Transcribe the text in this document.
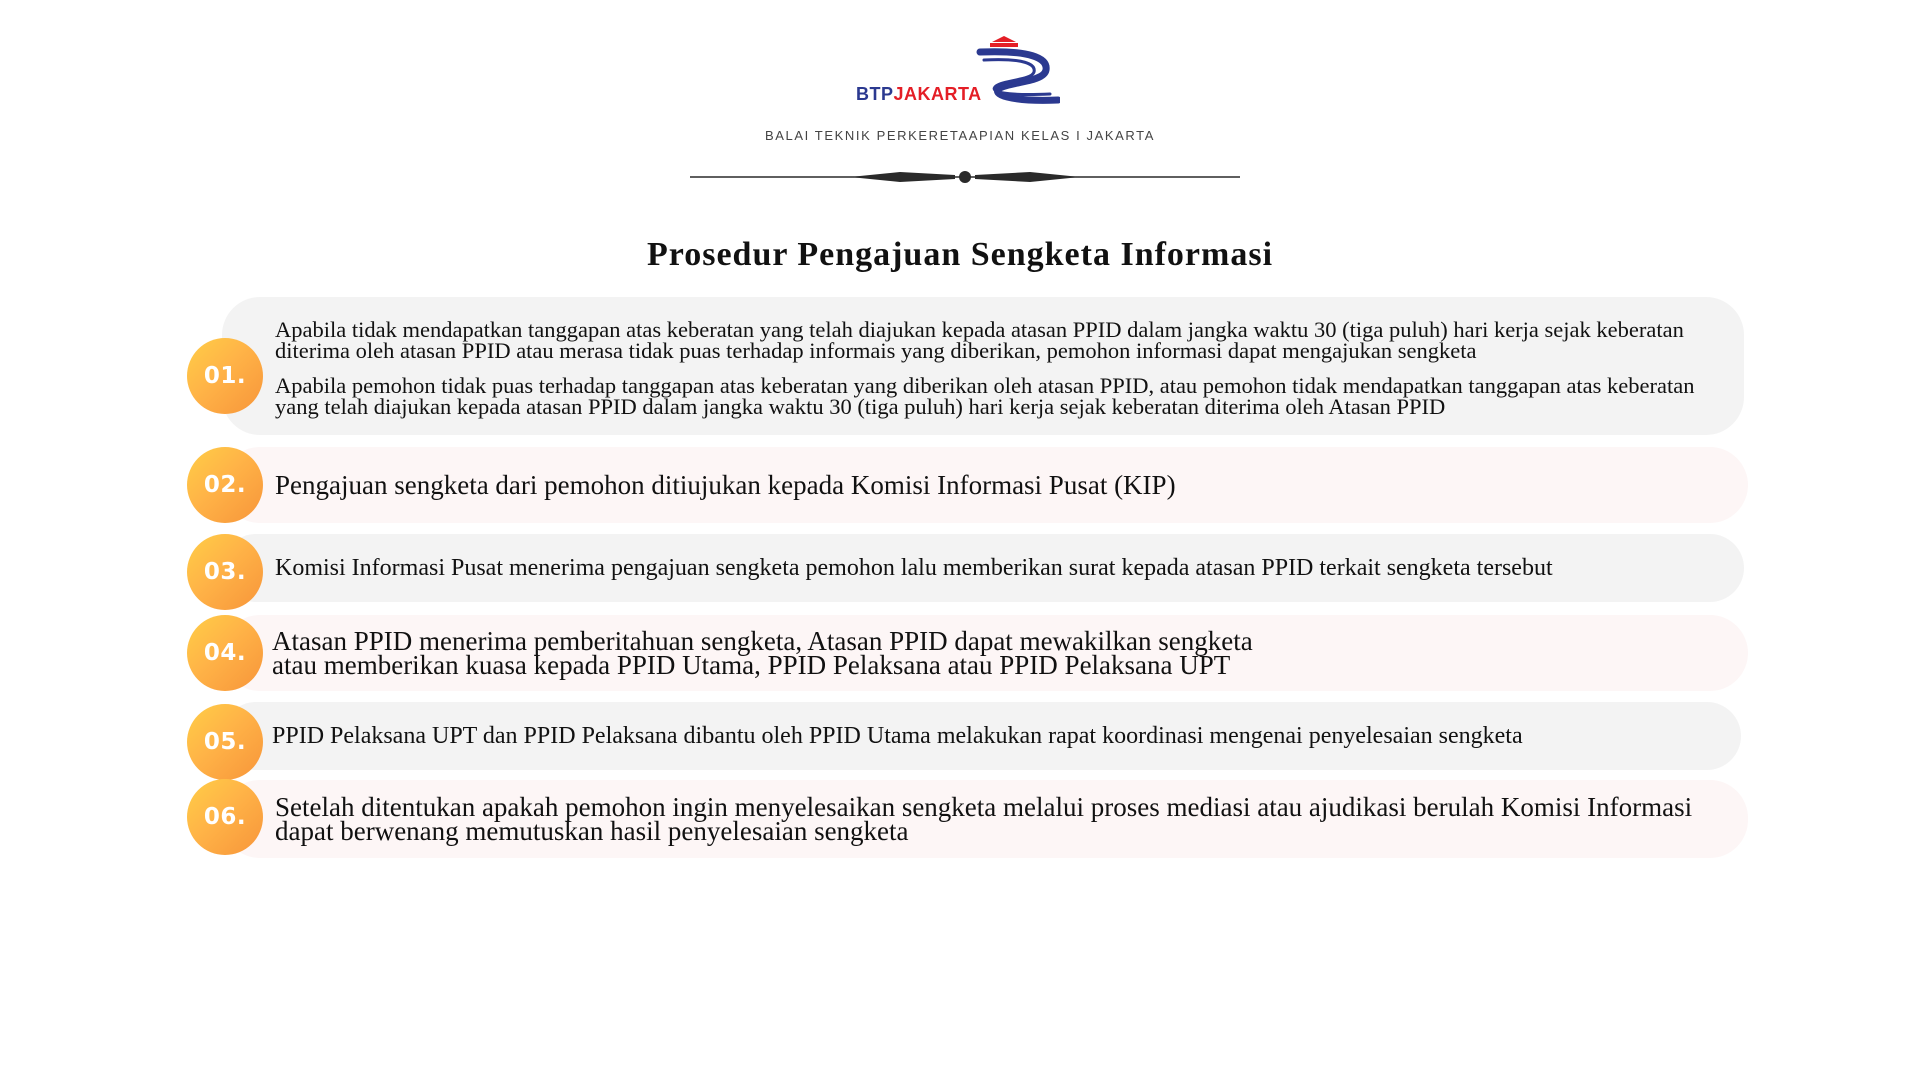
BTPJAKARTA
BALAI TEKNIK PERKERETAAPIAN KELAS I JAKARTA
Prosedur Pengajuan Sengketa Informasi

Apabila tidak mendapatkan tanggapan atas keberatan yang telah diajukan kepada atasan PPID dalam jangka waktu 30 (tiga puluh) hari kerja sejak keberatan diterima oleh atasan PPID atau merasa tidak puas terhadap informais yang diberikan, pemohon informasi dapat mengajukan sengketa

Apabila pemohon tidak puas terhadap tanggapan atas keberatan yang diberikan oleh atasan PPID, atau pemohon tidak mendapatkan tanggapan atas keberatan yang telah diajukan kepada atasan PPID dalam jangka waktu 30 (tiga puluh) hari kerja sejak keberatan diterima oleh Atasan PPID

01.

Pengajuan sengketa dari pemohon ditiujukan kepada Komisi Informasi Pusat (KIP)

02.

Komisi Informasi Pusat menerima pengajuan sengketa pemohon lalu memberikan surat kepada atasan PPID terkait sengketa tersebut

03.

Atasan PPID menerima pemberitahuan sengketa, Atasan PPID dapat mewakilkan sengketa

atau memberikan kuasa kepada PPID Utama, PPID Pelaksana atau PPID Pelaksana UPT

04.

PPID Pelaksana UPT dan PPID Pelaksana dibantu oleh PPID Utama melakukan rapat koordinasi mengenai penyelesaian sengketa

05.

Setelah ditentukan apakah pemohon ingin menyelesaikan sengketa melalui proses mediasi atau ajudikasi berulah Komisi Informasi dapat berwenang memutuskan hasil penyelesaian sengketa

06.
